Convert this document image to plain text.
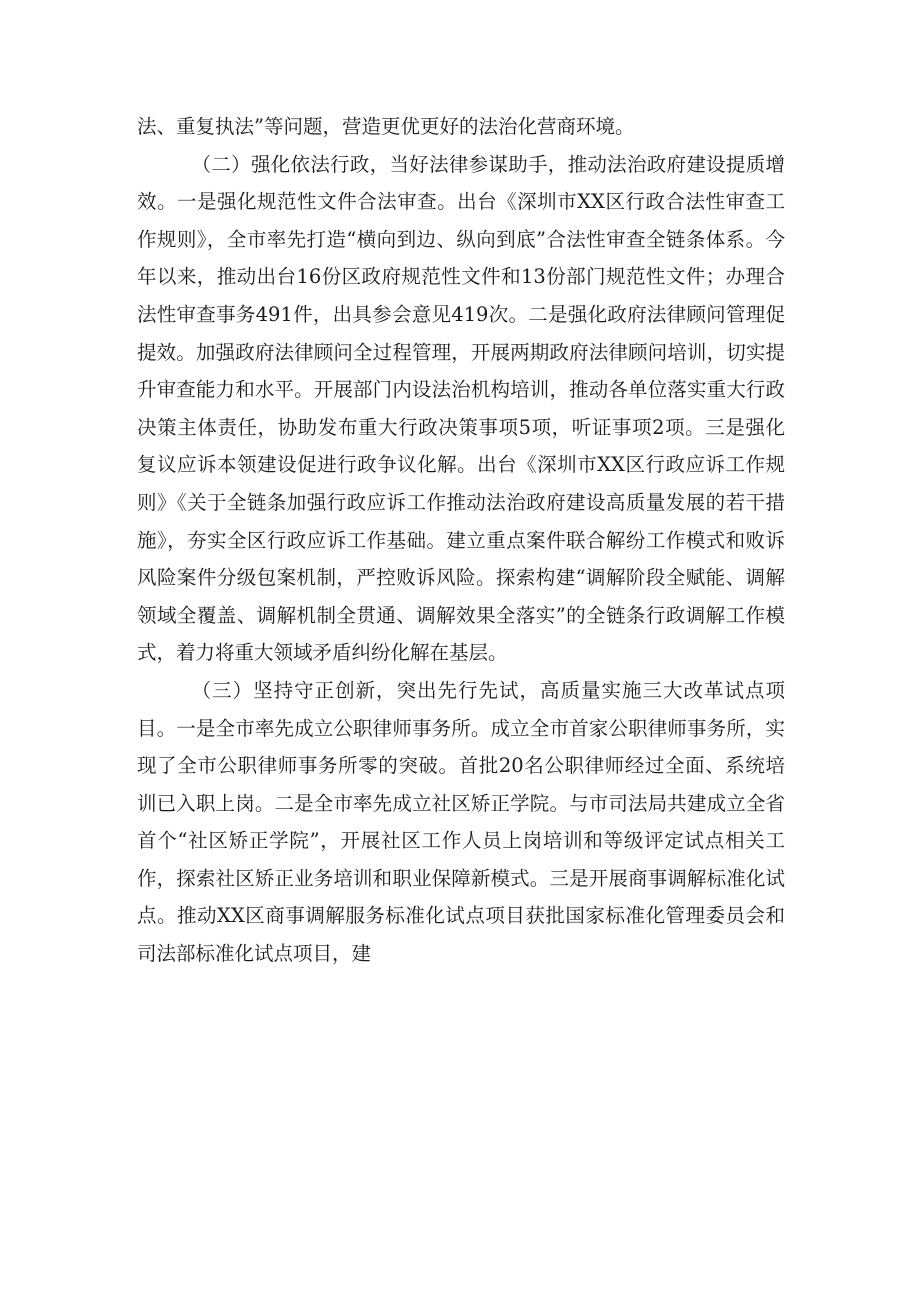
法、重复执法”等问题，营造更优更好的法治化营商环境。

（二）强化依法行政，当好法律参谋助手，推动法治政府建设提质增效。一是强化规范性文件合法审查。出台《深圳市XX区行政合法性审查工作规则》，全市率先打造“横向到边、纵向到底”合法性审查全链条体系。今年以来，推动出台16份区政府规范性文件和13份部门规范性文件；办理合法性审查事务491件，出具参会意见419次。二是强化政府法律顾问管理促提效。加强政府法律顾问全过程管理，开展两期政府法律顾问培训，切实提升审查能力和水平。开展部门内设法治机构培训，推动各单位落实重大行政决策主体责任，协助发布重大行政决策事项5项，听证事项2项。三是强化复议应诉本领建设促进行政争议化解。出台《深圳市XX区行政应诉工作规则》《关于全链条加强行政应诉工作推动法治政府建设高质量发展的若干措施》，夯实全区行政应诉工作基础。建立重点案件联合解纷工作模式和败诉风险案件分级包案机制，严控败诉风险。探索构建“调解阶段全赋能、调解领域全覆盖、调解机制全贯通、调解效果全落实”的全链条行政调解工作模式，着力将重大领域矛盾纠纷化解在基层。

（三）坚持守正创新，突出先行先试，高质量实施三大改革试点项目。一是全市率先成立公职律师事务所。成立全市首家公职律师事务所，实现了全市公职律师事务所零的突破。首批20名公职律师经过全面、系统培训已入职上岗。二是全市率先成立社区矫正学院。与市司法局共建成立全省首个“社区矫正学院”，开展社区工作人员上岗培训和等级评定试点相关工作，探索社区矫正业务培训和职业保障新模式。三是开展商事调解标准化试点。推动XX区商事调解服务标准化试点项目获批国家标准化管理委员会和司法部标准化试点项目，建
